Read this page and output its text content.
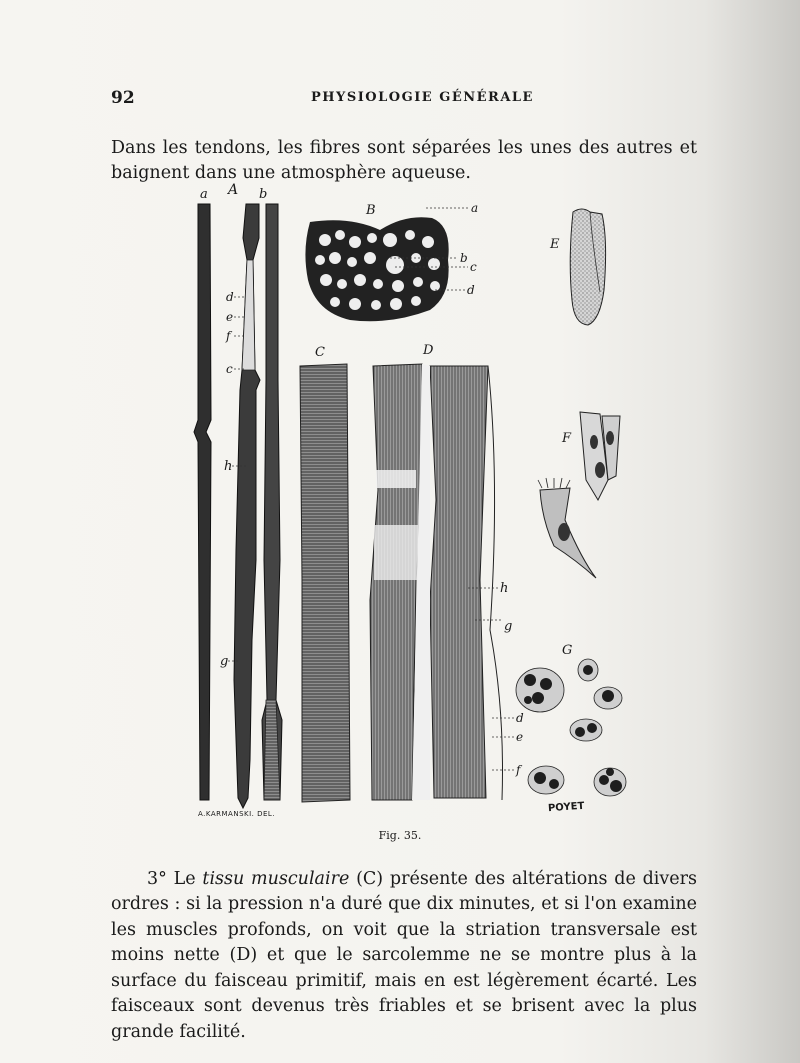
92	PHYSIOLOGIE GÉNÉRALE

Dans les tendons, les fibres sont séparées les unes des autres et baignent dans une atmosphère aqueuse.

a A b
d
e
f
c
h
g
B	a
b
c
d
C	D
h
g
d
e
f
E
F
G
A.KARMANSKI. DEL.	POYET
Fig. 35.

3° Le tissu musculaire (C) présente des altérations de divers ordres : si la pression n'a duré que dix minutes, et si l'on examine les muscles profonds, on voit que la striation transversale est moins nette (D) et que le sarcolemme ne se montre plus à la surface du faisceau primitif, mais en est légèrement écarté. Les faisceaux sont devenus très friables et se brisent avec la plus grande facilité.
